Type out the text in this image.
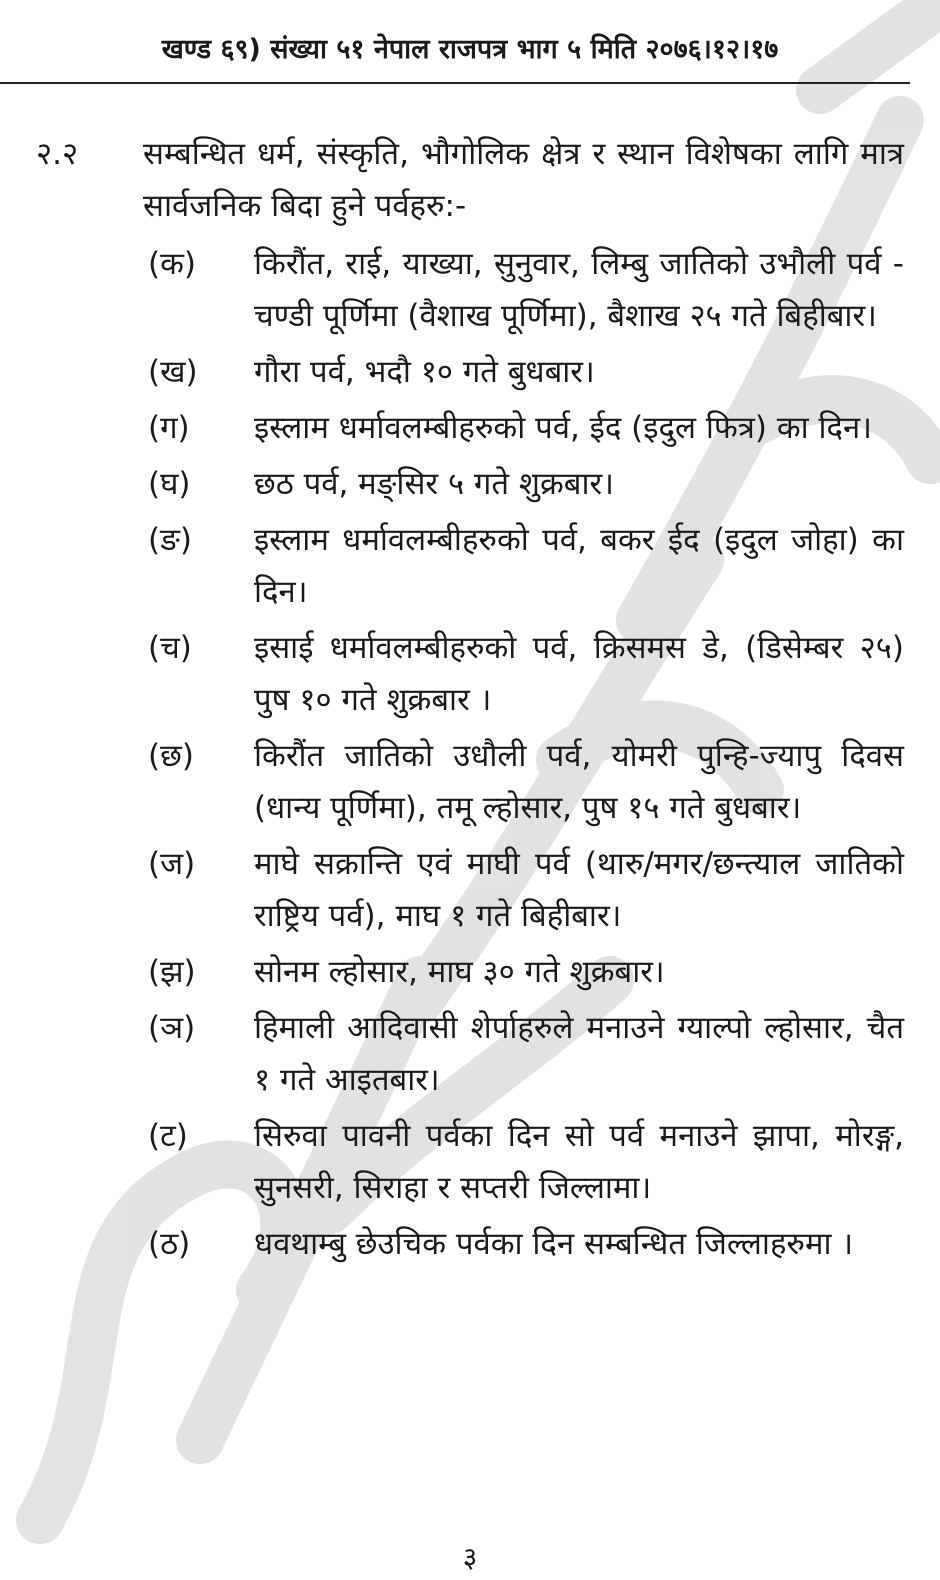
खण्ड ६९) संख्या ५१ नेपाल राजपत्र भाग ५ मिति २०७६।१२।१७
२.२ सम्बन्धित धर्म, संस्कृति, भौगोलिक क्षेत्र र स्थान विशेषका लागि मात्र सार्वजनिक बिदा हुने पर्वहरु:-
(क) किरौंत, राई, याख्या, सुनुवार, लिम्बु जातिको उभौली पर्व - चण्डी पूर्णिमा (वैशाख पूर्णिमा), बैशाख २५ गते बिहीबार।
(ख) गौरा पर्व, भदौ १० गते बुधबार।
(ग) इस्लाम धर्मावलम्बीहरुको पर्व, ईद (इदुल फित्र) का दिन।
(घ) छठ पर्व, मङ्सिर ५ गते शुक्रबार।
(ङ) इस्लाम धर्मावलम्बीहरुको पर्व, बकर ईद (इदुल जोहा) का दिन।
(च) इसाई धर्मावलम्बीहरुको पर्व, क्रिसमस डे, (डिसेम्बर २५) पुष १० गते शुक्रबार ।
(छ) किरौंत जातिको उधौली पर्व, योमरी पुन्हि-ज्यापु दिवस (धान्य पूर्णिमा), तमू ल्होसार, पुष १५ गते बुधबार।
(ज) माघे सक्रान्ति एवं माघी पर्व (थारु/मगर/छन्त्याल जातिको राष्ट्रिय पर्व), माघ १ गते बिहीबार।
(झ) सोनम ल्होसार, माघ ३० गते शुक्रबार।
(ञ) हिमाली आदिवासी शेर्पाहरुले मनाउने ग्याल्पो ल्होसार, चैत १ गते आइतबार।
(ट) सिरुवा पावनी पर्वका दिन सो पर्व मनाउने झापा, मोरङ्ग, सुनसरी, सिराहा र सप्तरी जिल्लामा।
(ठ) धवथाम्बु छेउचिक पर्वका दिन सम्बन्धित जिल्लाहरुमा ।
३
